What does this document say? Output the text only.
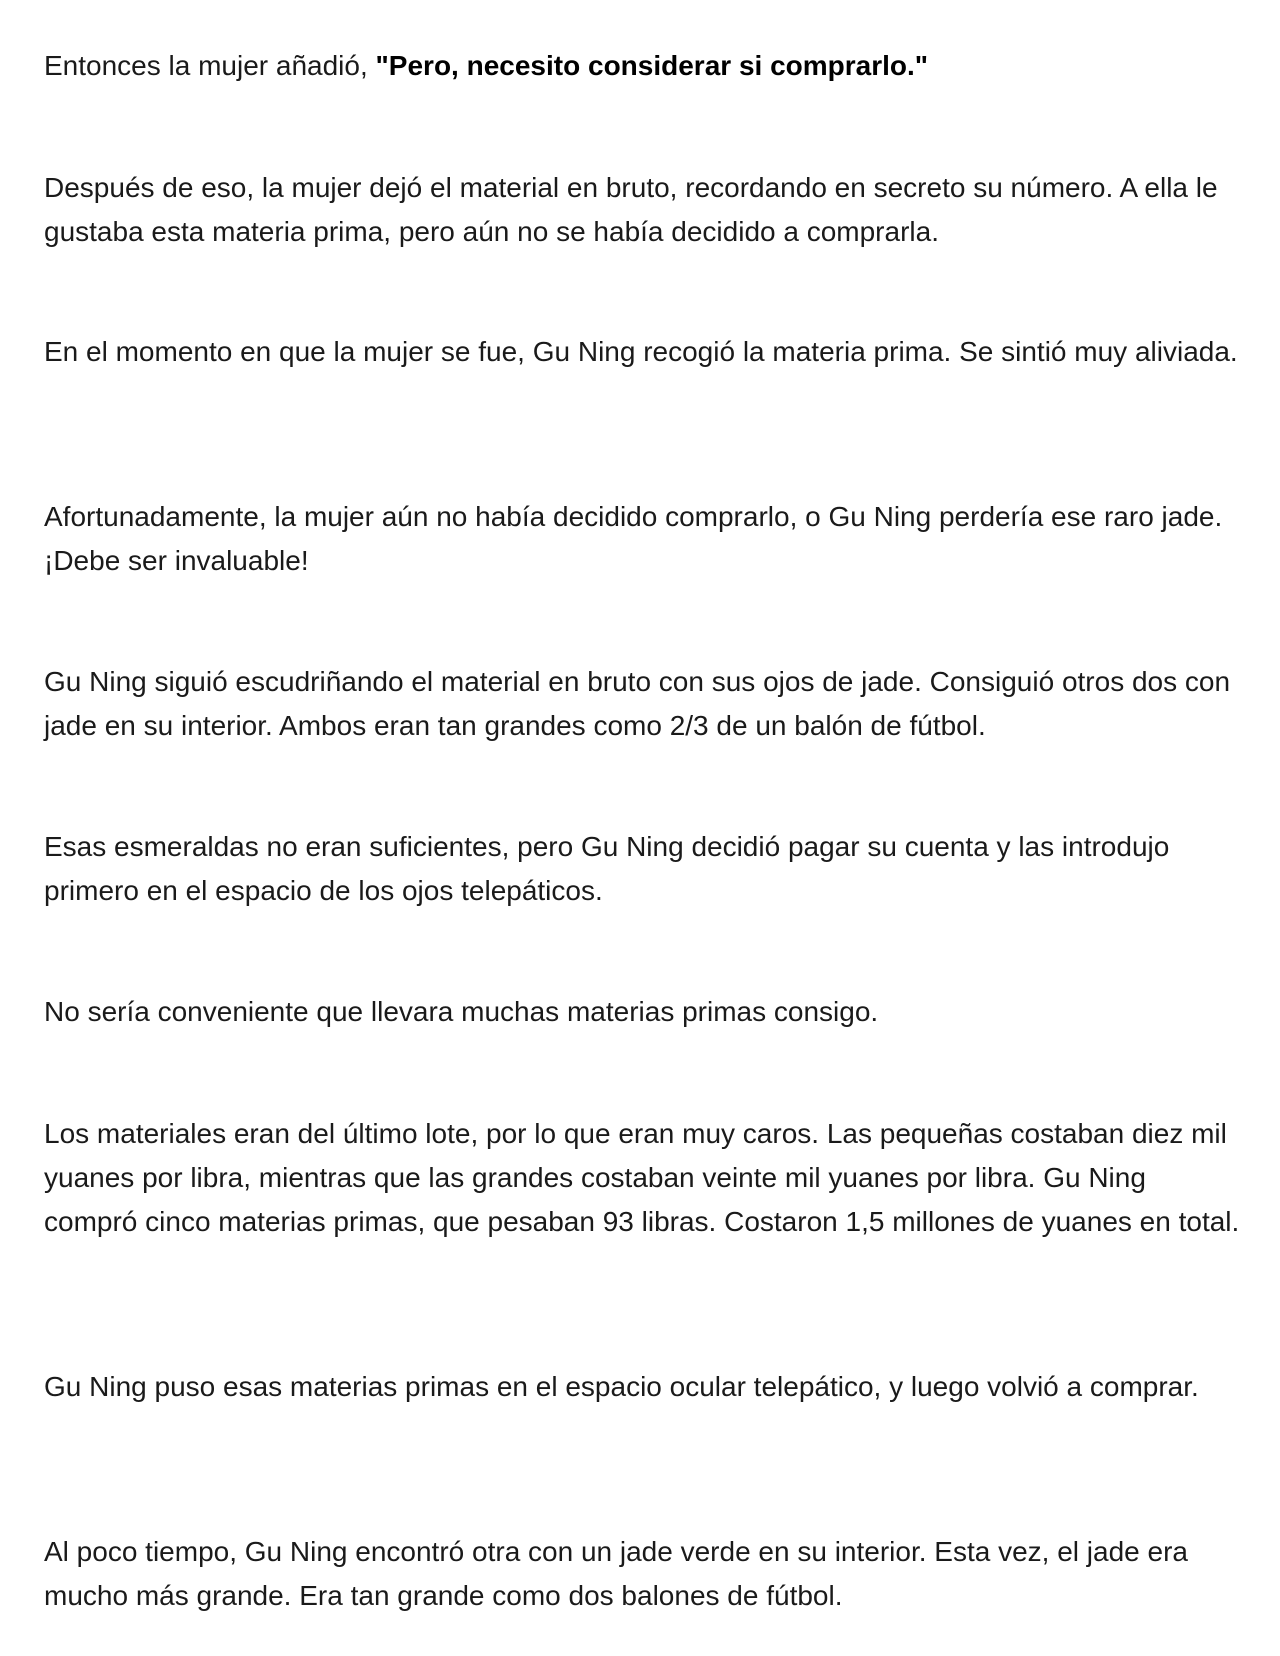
Entonces la mujer añadió, "Pero, necesito considerar si comprarlo."

Después de eso, la mujer dejó el material en bruto, recordando en secreto su número. A ella le gustaba esta materia prima, pero aún no se había decidido a comprarla.

En el momento en que la mujer se fue, Gu Ning recogió la materia prima. Se sintió muy aliviada.

Afortunadamente, la mujer aún no había decidido comprarlo, o Gu Ning perdería ese raro jade. ¡Debe ser invaluable!

Gu Ning siguió escudriñando el material en bruto con sus ojos de jade. Consiguió otros dos con jade en su interior. Ambos eran tan grandes como 2/3 de un balón de fútbol.

Esas esmeraldas no eran suficientes, pero Gu Ning decidió pagar su cuenta y las introdujo primero en el espacio de los ojos telepáticos.

No sería conveniente que llevara muchas materias primas consigo.

Los materiales eran del último lote, por lo que eran muy caros. Las pequeñas costaban diez mil yuanes por libra, mientras que las grandes costaban veinte mil yuanes por libra. Gu Ning compró cinco materias primas, que pesaban 93 libras. Costaron 1,5 millones de yuanes en total.

Gu Ning puso esas materias primas en el espacio ocular telepático, y luego volvió a comprar.

Al poco tiempo, Gu Ning encontró otra con un jade verde en su interior. Esta vez, el jade era mucho más grande. Era tan grande como dos balones de fútbol.
